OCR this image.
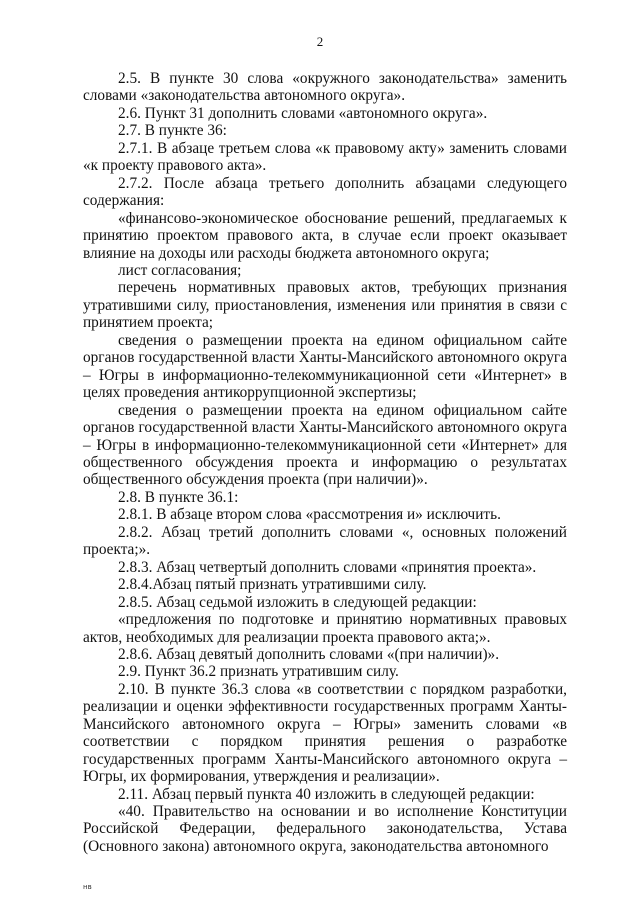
2

2.5. В пункте 30 слова «окружного законодательства» заменить словами «законодательства автономного округа».

2.6. Пункт 31 дополнить словами «автономного округа».

2.7. В пункте 36:

2.7.1. В абзаце третьем слова «к правовому акту» заменить словами «к проекту правового акта».

2.7.2. После абзаца третьего дополнить абзацами следующего содержания:

«финансово-экономическое обоснование решений, предлагаемых к принятию проектом правового акта, в случае если проект оказывает влияние на доходы или расходы бюджета автономного округа;

лист согласования;

перечень нормативных правовых актов, требующих признания утратившими силу, приостановления, изменения или принятия в связи с принятием проекта;

сведения о размещении проекта на едином официальном сайте органов государственной власти Ханты-Мансийского автономного округа – Югры в информационно-телекоммуникационной сети «Интернет» в целях проведения антикоррупционной экспертизы;

сведения о размещении проекта на едином официальном сайте органов государственной власти Ханты-Мансийского автономного округа – Югры в информационно-телекоммуникационной сети «Интернет» для общественного обсуждения проекта и информацию о результатах общественного обсуждения проекта (при наличии)».

2.8. В пункте 36.1:

2.8.1. В абзаце втором слова «рассмотрения и» исключить.

2.8.2. Абзац третий дополнить словами «, основных положений проекта;».

2.8.3. Абзац четвертый дополнить словами «принятия проекта».

2.8.4.Абзац пятый признать утратившими силу.

2.8.5. Абзац седьмой изложить в следующей редакции:

«предложения по подготовке и принятию нормативных правовых актов, необходимых для реализации проекта правового акта;».

2.8.6. Абзац девятый дополнить словами «(при наличии)».

2.9. Пункт 36.2 признать утратившим силу.

2.10. В пункте 36.3 слова «в соответствии с порядком разработки, реализации и оценки эффективности государственных программ Ханты-Мансийского автономного округа – Югры» заменить словами «в соответствии с порядком принятия решения о разработке государственных программ Ханты-Мансийского автономного округа – Югры, их формирования, утверждения и реализации».

2.11. Абзац первый пункта 40 изложить в следующей редакции:

«40. Правительство на основании и во исполнение Конституции Российской Федерации, федерального законодательства, Устава (Основного закона) автономного округа, законодательства автономного

нв
